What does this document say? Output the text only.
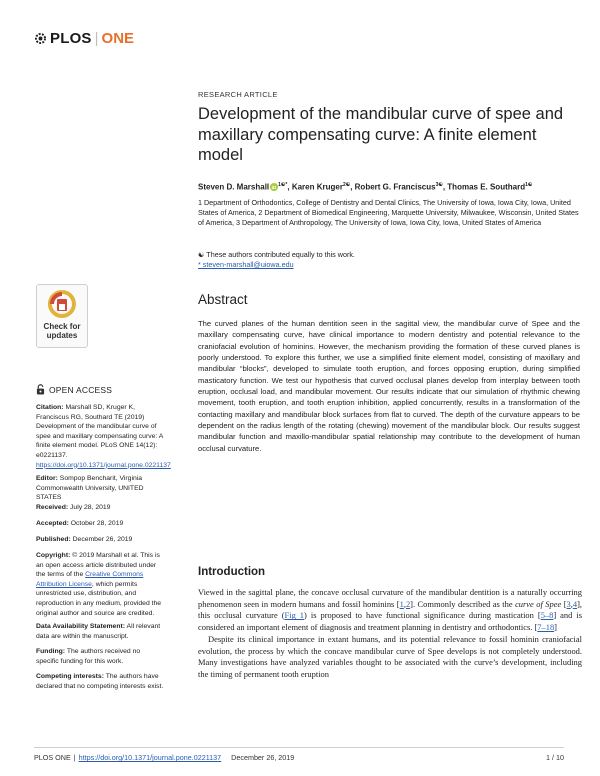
PLOS | ONE
Check for
updates
OPEN ACCESS
Citation: Marshall SD, Kruger K, Franciscus RG, Southard TE (2019) Development of the mandibular curve of spee and maxillary compensating curve: A finite element model. PLoS ONE 14(12): e0221137. https://doi.org/10.1371/journal.pone.0221137
Editor: Sompop Bencharit, Virginia Commonwealth University, UNITED STATES
Received: July 28, 2019
Accepted: October 28, 2019
Published: December 26, 2019
Copyright: © 2019 Marshall et al. This is an open access article distributed under the terms of the Creative Commons Attribution License, which permits unrestricted use, distribution, and reproduction in any medium, provided the original author and source are credited.
Data Availability Statement: All relevant data are within the manuscript.
Funding: The authors received no specific funding for this work.
Competing interests: The authors have declared that no competing interests exist.
RESEARCH ARTICLE
Development of the mandibular curve of spee and maxillary compensating curve: A finite element model
Steven D. Marshall iD
$^{1☯*}$, Karen Kruger$^{2☯}$, Robert G. Franciscus$^{3☯}$, Thomas E. Southard$^{1☯}$
1 Department of Orthodontics, College of Dentistry and Dental Clinics, The University of Iowa, Iowa City, Iowa, United States of America, 2 Department of Biomedical Engineering, Marquette University, Milwaukee, Wisconsin, United States of America, 3 Department of Anthropology, The University of Iowa, Iowa City, Iowa, United States of America
☯ These authors contributed equally to this work.
* steven-marshall@uiowa.edu
Abstract
The curved planes of the human dentition seen in the sagittal view, the mandibular curve of Spee and the maxillary compensating curve, have clinical importance to modern dentistry and potential relevance to the craniofacial evolution of hominins. However, the mechanism providing the formation of these curved planes is poorly understood. To explore this further, we use a simplified finite element model, consisting of maxillary and mandibular “blocks”, developed to simulate tooth eruption, and forces opposing eruption, during simplified masticatory function. We test our hypothesis that curved occlusal planes develop from interplay between tooth eruption, occlusal load, and mandibular movement. Our results indicate that our simulation of rhythmic chewing movement, tooth eruption, and tooth eruption inhibition, applied concurrently, results in a transformation of the contacting maxillary and mandibular block surfaces from flat to curved. The depth of the curvature appears to be dependent on the radius length of the rotating (chewing) movement of the mandibular block. Our results suggest mandibular function and maxillo-mandibular spatial relationship may contribute to the development of human occlusal curvature.
Introduction

Viewed in the sagittal plane, the concave occlusal curvature of the mandibular dentition is a naturally occurring phenomenon seen in modern humans and fossil hominins [1,2]. Commonly described as the curve of Spee [3,4], this occlusal curvature (Fig 1) is proposed to have functional significance during mastication [5–8] and is considered an important element of diagnosis and treatment planning in dentistry and orthodontics. [7–18]

Despite its clinical importance in extant humans, and its potential relevance to fossil hominin craniofacial evolution, the process by which the concave mandibular curve of Spee develops is not completely understood. Many investigations have analyzed variables thought to be associated with the curve’s development, including the timing of permanent tooth eruption

PLOS ONE | https://doi.org/10.1371/journal.pone.0221137 December 26, 2019	1 / 10
